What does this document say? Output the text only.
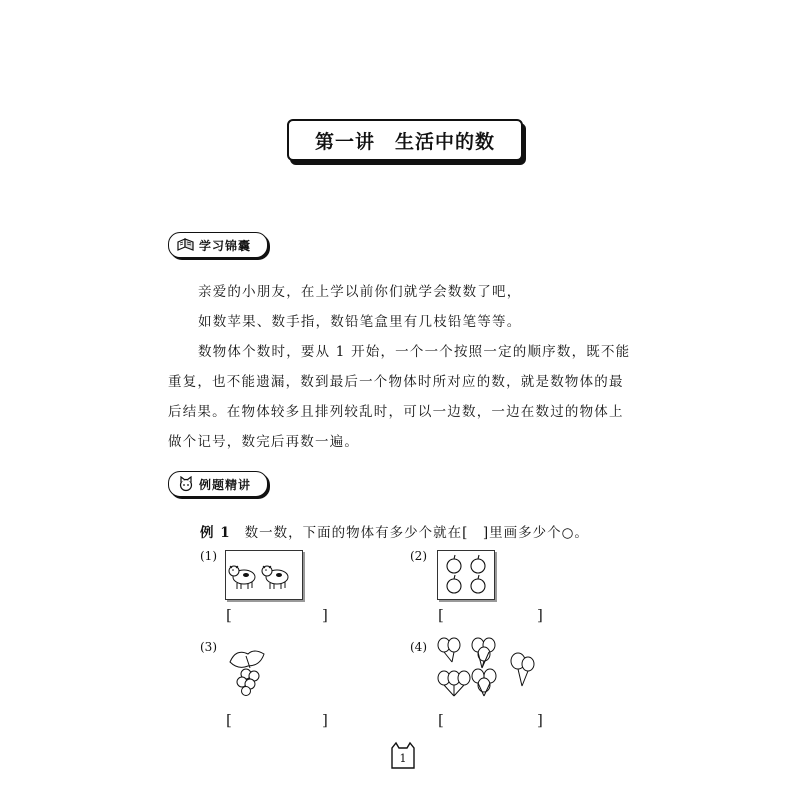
第一讲　生活中的数
学习锦囊
亲爱的小朋友，在上学以前你们就学会数数了吧，
如数苹果、数手指，数铅笔盒里有几枝铅笔等等。
数物体个数时，要从 1 开始，一个一个按照一定的顺序数，既不能
重复，也不能遗漏，数到最后一个物体时所对应的数，就是数物体的最
后结果。在物体较多且排列较乱时，可以一边数，一边在数过的物体上
做个记号，数完后再数一遍。
例题精讲
例 1 数一数，下面的物体有多少个就在[　]里画多少个○。
(1)
[	]
(2)
[	]
(3)
[	]
(4)
[	]
1
